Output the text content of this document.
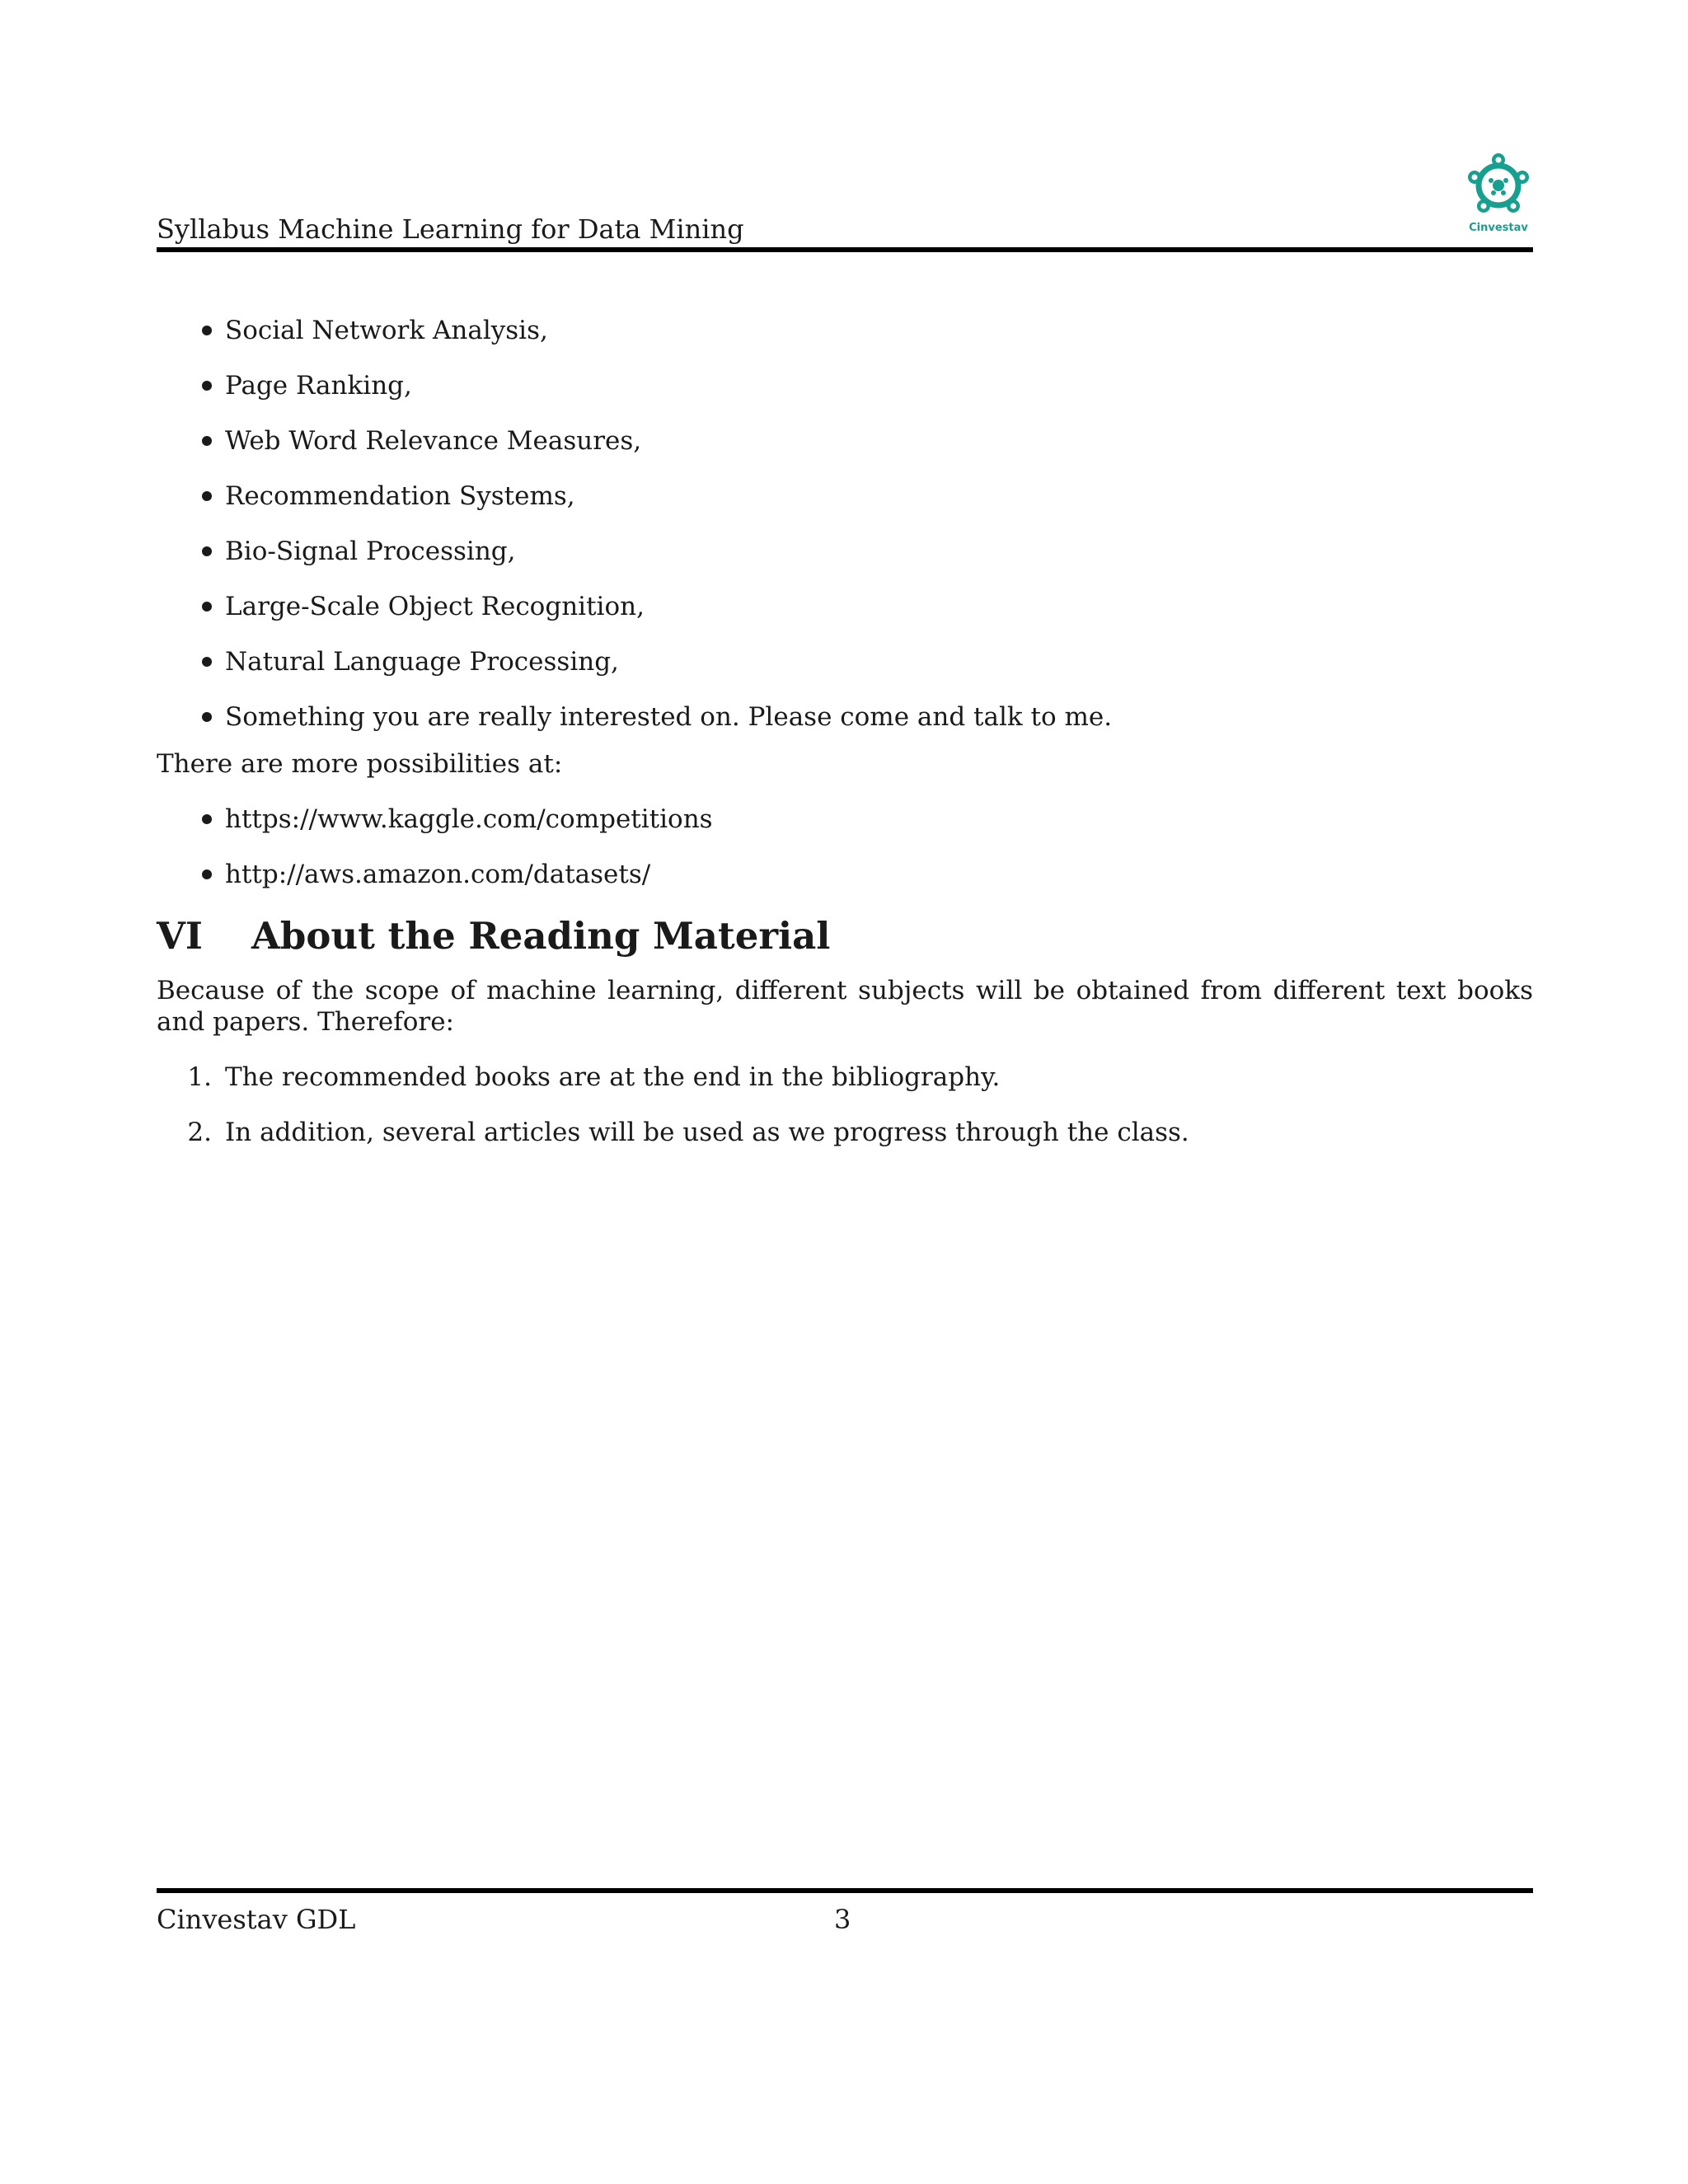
Syllabus Machine Learning for Data Mining	Cinvestav
Social Network Analysis,
Page Ranking,
Web Word Relevance Measures,
Recommendation Systems,
Bio-Signal Processing,
Large-Scale Object Recognition,
Natural Language Processing,
Something you are really interested on. Please come and talk to me.

There are more possibilities at:

https://www.kaggle.com/competitions
http://aws.amazon.com/datasets/
VI About the Reading Material

Because of the scope of machine learning, different subjects will be obtained from different text books and papers. Therefore:

1. The recommended books are at the end in the bibliography.
2. In addition, several articles will be used as we progress through the class.
Cinvestav GDL	3
